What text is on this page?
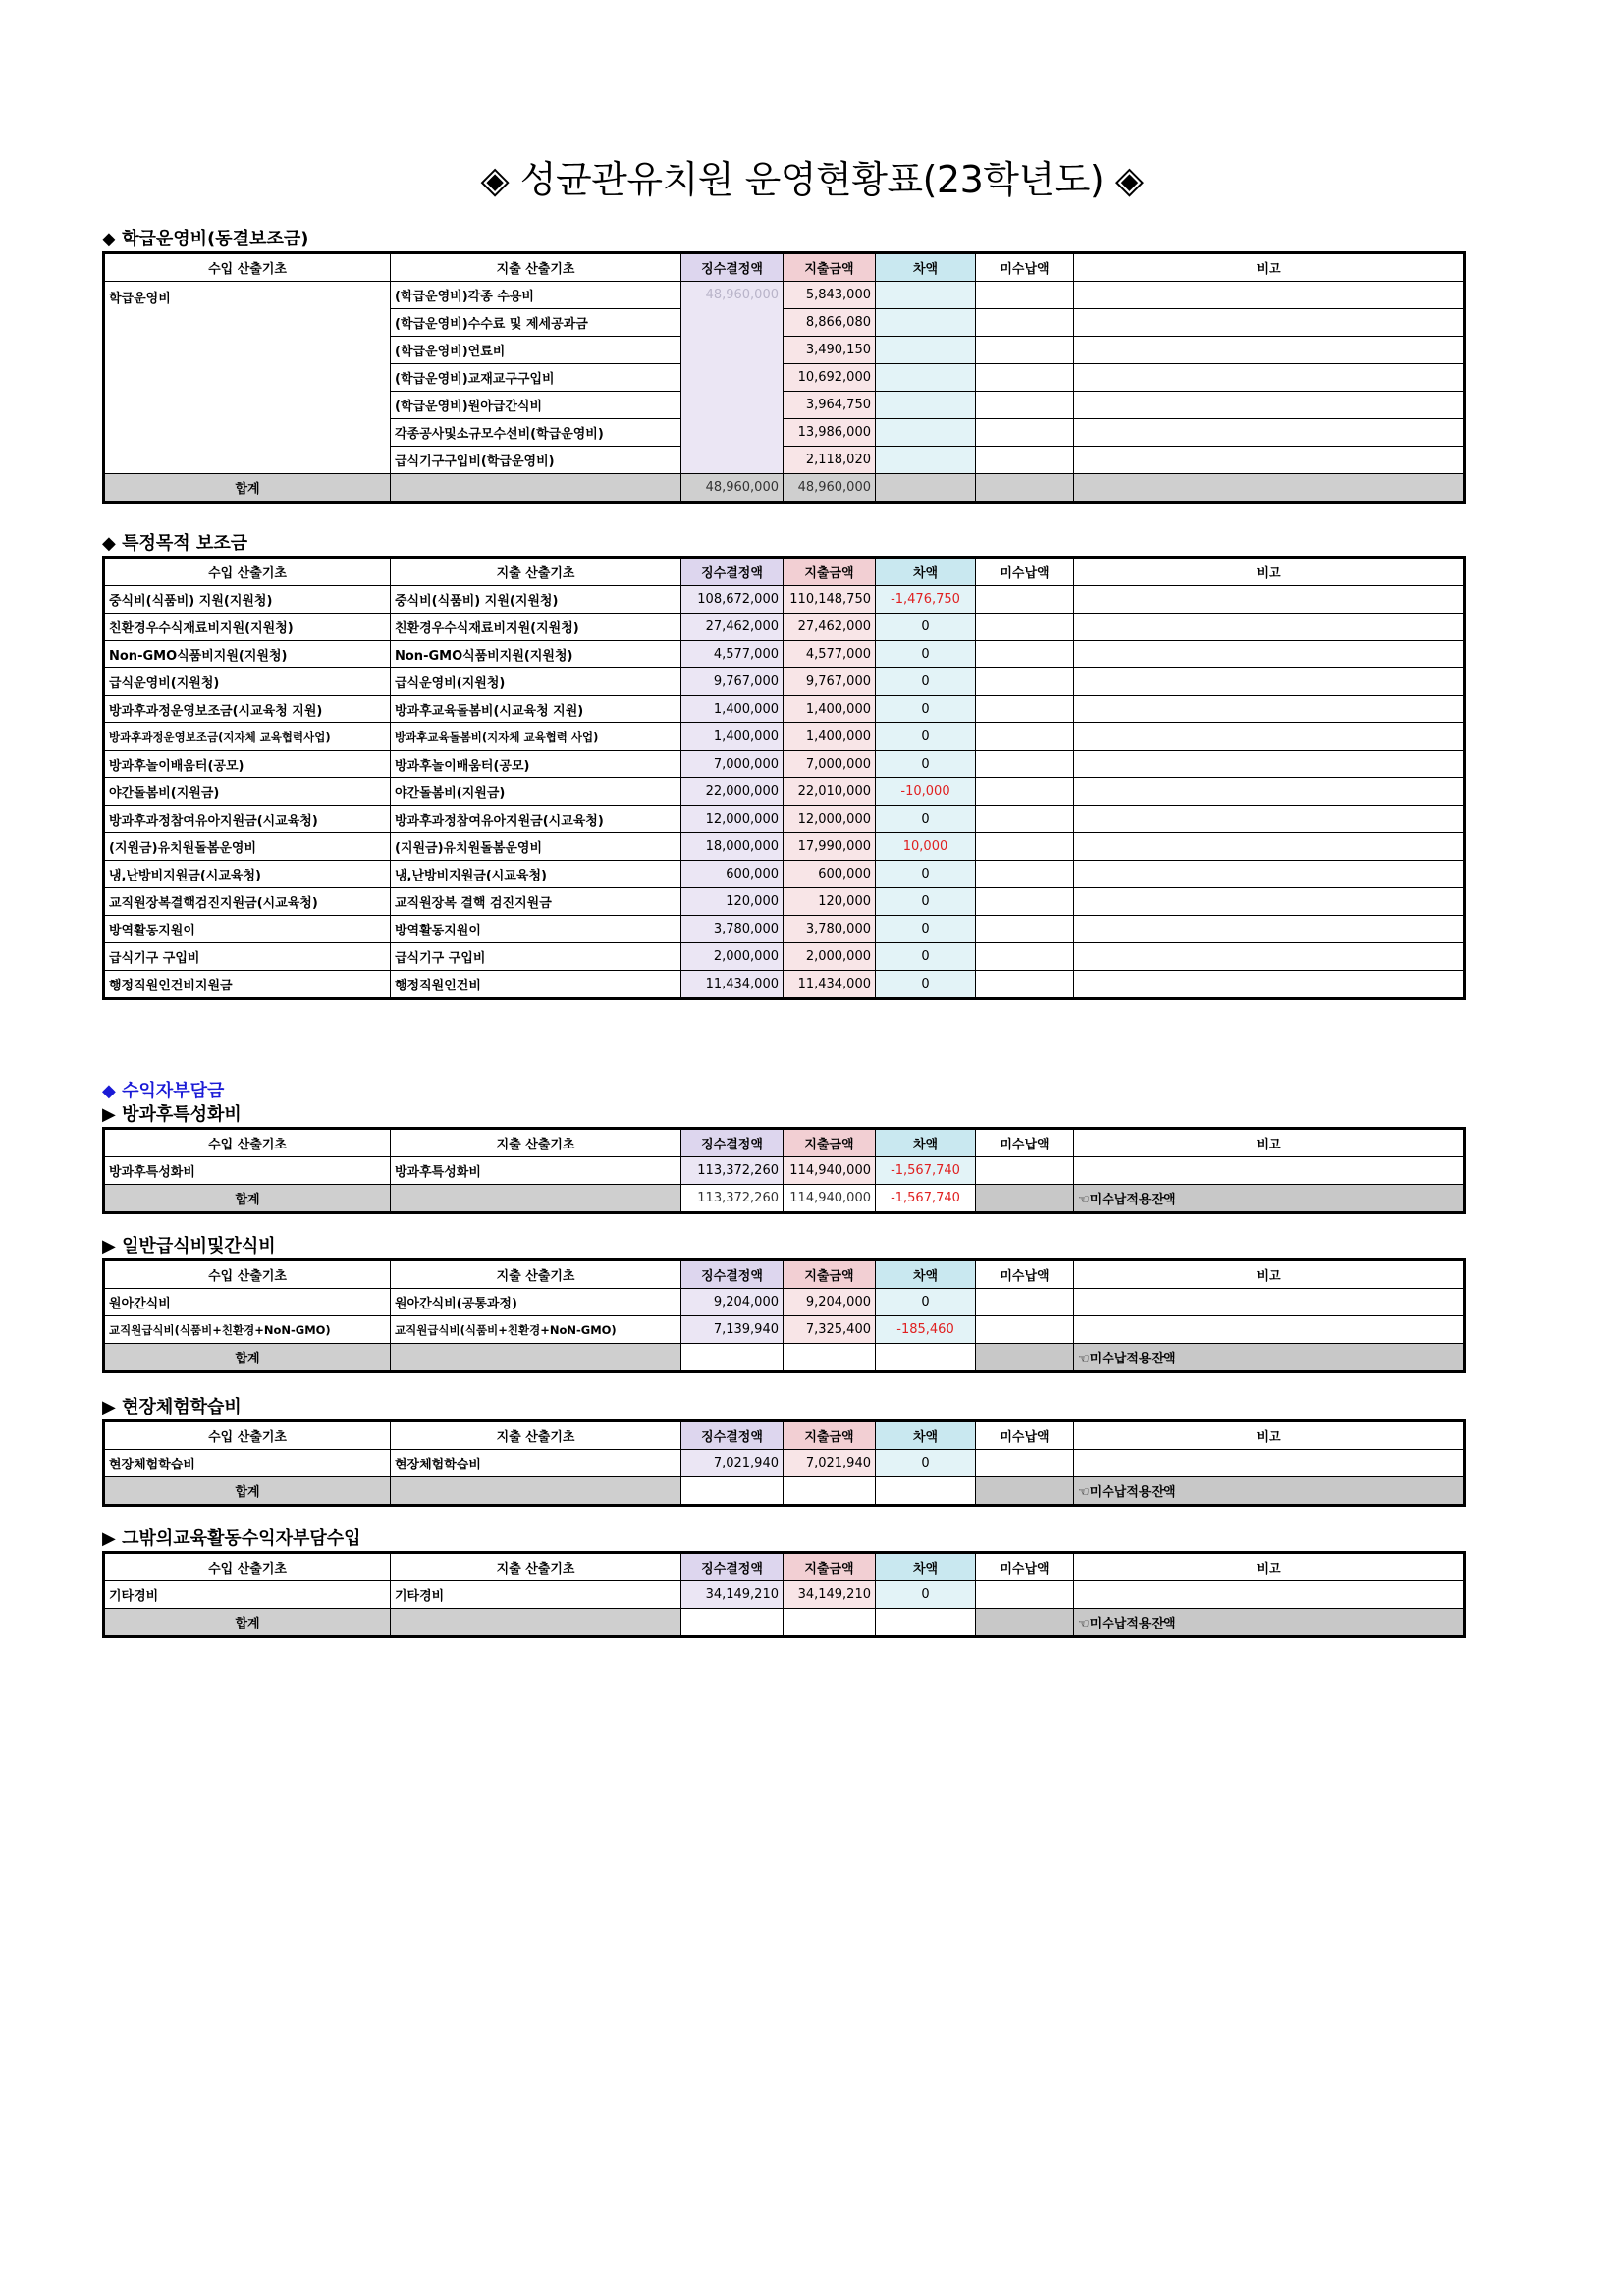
◈ 성균관유치원 운영현황표(23학년도) ◈
◆ 학급운영비(동결보조금)
수입 산출기초	지출 산출기초	징수결정액	지출금액	차액	미수납액	비고
학급운영비	(학급운영비)각종 수용비	48,960,000	5,843,000			
	(학급운영비)수수료 및 제세공과금		8,866,080			
	(학급운영비)연료비		3,490,150			
	(학급운영비)교재교구구입비		10,692,000			
	(학급운영비)원아급간식비		3,964,750			
	각종공사및소규모수선비(학급운영비)		13,986,000			
	급식기구구입비(학급운영비)		2,118,020			
합계		48,960,000	48,960,000			
◆ 특정목적 보조금
수입 산출기초	지출 산출기초	징수결정액	지출금액	차액	미수납액	비고
중식비(식품비) 지원(지원청)	중식비(식품비) 지원(지원청)	108,672,000	110,148,750	-1,476,750		
친환경우수식재료비지원(지원청)	친환경우수식재료비지원(지원청)	27,462,000	27,462,000	0		
Non-GMO식품비지원(지원청)	Non-GMO식품비지원(지원청)	4,577,000	4,577,000	0		
급식운영비(지원청)	급식운영비(지원청)	9,767,000	9,767,000	0		
방과후과정운영보조금(시교육청 지원)	방과후교육돌봄비(시교육청 지원)	1,400,000	1,400,000	0		
방과후과정운영보조금(지자체 교육협력사업)	방과후교육돌봄비(지자체 교육협력 사업)	1,400,000	1,400,000	0		
방과후놀이배움터(공모)	방과후놀이배움터(공모)	7,000,000	7,000,000	0		
야간돌봄비(지원금)	야간돌봄비(지원금)	22,000,000	22,010,000	-10,000		
방과후과정참여유아지원금(시교육청)	방과후과정참여유아지원금(시교육청)	12,000,000	12,000,000	0		
(지원금)유치원돌봄운영비	(지원금)유치원돌봄운영비	18,000,000	17,990,000	10,000		
냉,난방비지원금(시교육청)	냉,난방비지원금(시교육청)	600,000	600,000	0		
교직원장복결핵검진지원금(시교육청)	교직원장복 결핵 검진지원금	120,000	120,000	0		
방역활동지원이	방역활동지원이	3,780,000	3,780,000	0		
급식기구 구입비	급식기구 구입비	2,000,000	2,000,000	0		
행정직원인건비지원금	행정직원인건비	11,434,000	11,434,000	0		
◆ 수익자부담금
▶ 방과후특성화비
수입 산출기초	지출 산출기초	징수결정액	지출금액	차액	미수납액	비고
방과후특성화비	방과후특성화비	113,372,260	114,940,000	-1,567,740		
합계		113,372,260	114,940,000	-1,567,740		☜미수납적용잔액
▶ 일반급식비및간식비
수입 산출기초	지출 산출기초	징수결정액	지출금액	차액	미수납액	비고
원아간식비	원아간식비(공통과정)	9,204,000	9,204,000	0		
교직원급식비(식품비+친환경+NoN-GMO)	교직원급식비(식품비+친환경+NoN-GMO)	7,139,940	7,325,400	-185,460		
합계						☜미수납적용잔액
▶ 현장체험학습비
수입 산출기초	지출 산출기초	징수결정액	지출금액	차액	미수납액	비고
현장체험학습비	현장체험학습비	7,021,940	7,021,940	0		
합계						☜미수납적용잔액
▶ 그밖의교육활동수익자부담수입
수입 산출기초	지출 산출기초	징수결정액	지출금액	차액	미수납액	비고
기타경비	기타경비	34,149,210	34,149,210	0		
합계						☜미수납적용잔액
